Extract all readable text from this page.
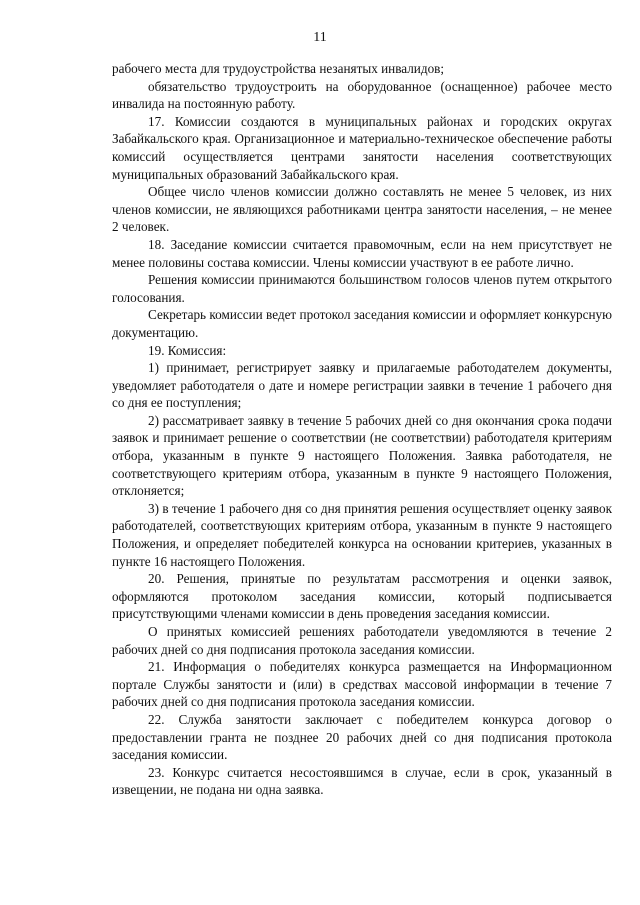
11

рабочего места для трудоустройства незанятых инвалидов;

обязательство трудоустроить на оборудованное (оснащенное) рабочее место инвалида на постоянную работу.

17. Комиссии создаются в муниципальных районах и городских округах Забайкальского края. Организационное и материально-техническое обеспечение работы комиссий осуществляется центрами занятости населения соответствующих муниципальных образований Забайкальского края.

Общее число членов комиссии должно составлять не менее 5 человек, из них членов комиссии, не являющихся работниками центра занятости населения, – не менее 2 человек.

18. Заседание комиссии считается правомочным, если на нем присутствует не менее половины состава комиссии. Члены комиссии участвуют в ее работе лично.

Решения комиссии принимаются большинством голосов членов путем открытого голосования.

Секретарь комиссии ведет протокол заседания комиссии и оформляет конкурсную документацию.

19. Комиссия:

1) принимает, регистрирует заявку и прилагаемые работодателем документы, уведомляет работодателя о дате и номере регистрации заявки в течение 1 рабочего дня со дня ее поступления;

2) рассматривает заявку в течение 5 рабочих дней со дня окончания срока подачи заявок и принимает решение о соответствии (не соответствии) работодателя критериям отбора, указанным в пункте 9 настоящего Положения. Заявка работодателя, не соответствующего критериям отбора, указанным в пункте 9 настоящего Положения, отклоняется;

3) в течение 1 рабочего дня со дня принятия решения осуществляет оценку заявок работодателей, соответствующих критериям отбора, указанным в пункте 9 настоящего Положения, и определяет победителей конкурса на основании критериев, указанных в пункте 16 настоящего Положения.

20. Решения, принятые по результатам рассмотрения и оценки заявок, оформляются протоколом заседания комиссии, который подписывается присутствующими членами комиссии в день проведения заседания комиссии.

О принятых комиссией решениях работодатели уведомляются в течение 2 рабочих дней со дня подписания протокола заседания комиссии.

21. Информация о победителях конкурса размещается на Информационном портале Службы занятости и (или) в средствах массовой информации в течение 7 рабочих дней со дня подписания протокола заседания комиссии.

22. Служба занятости заключает с победителем конкурса договор о предоставлении гранта не позднее 20 рабочих дней со дня подписания протокола заседания комиссии.

23. Конкурс считается несостоявшимся в случае, если в срок, указанный в извещении, не подана ни одна заявка.
